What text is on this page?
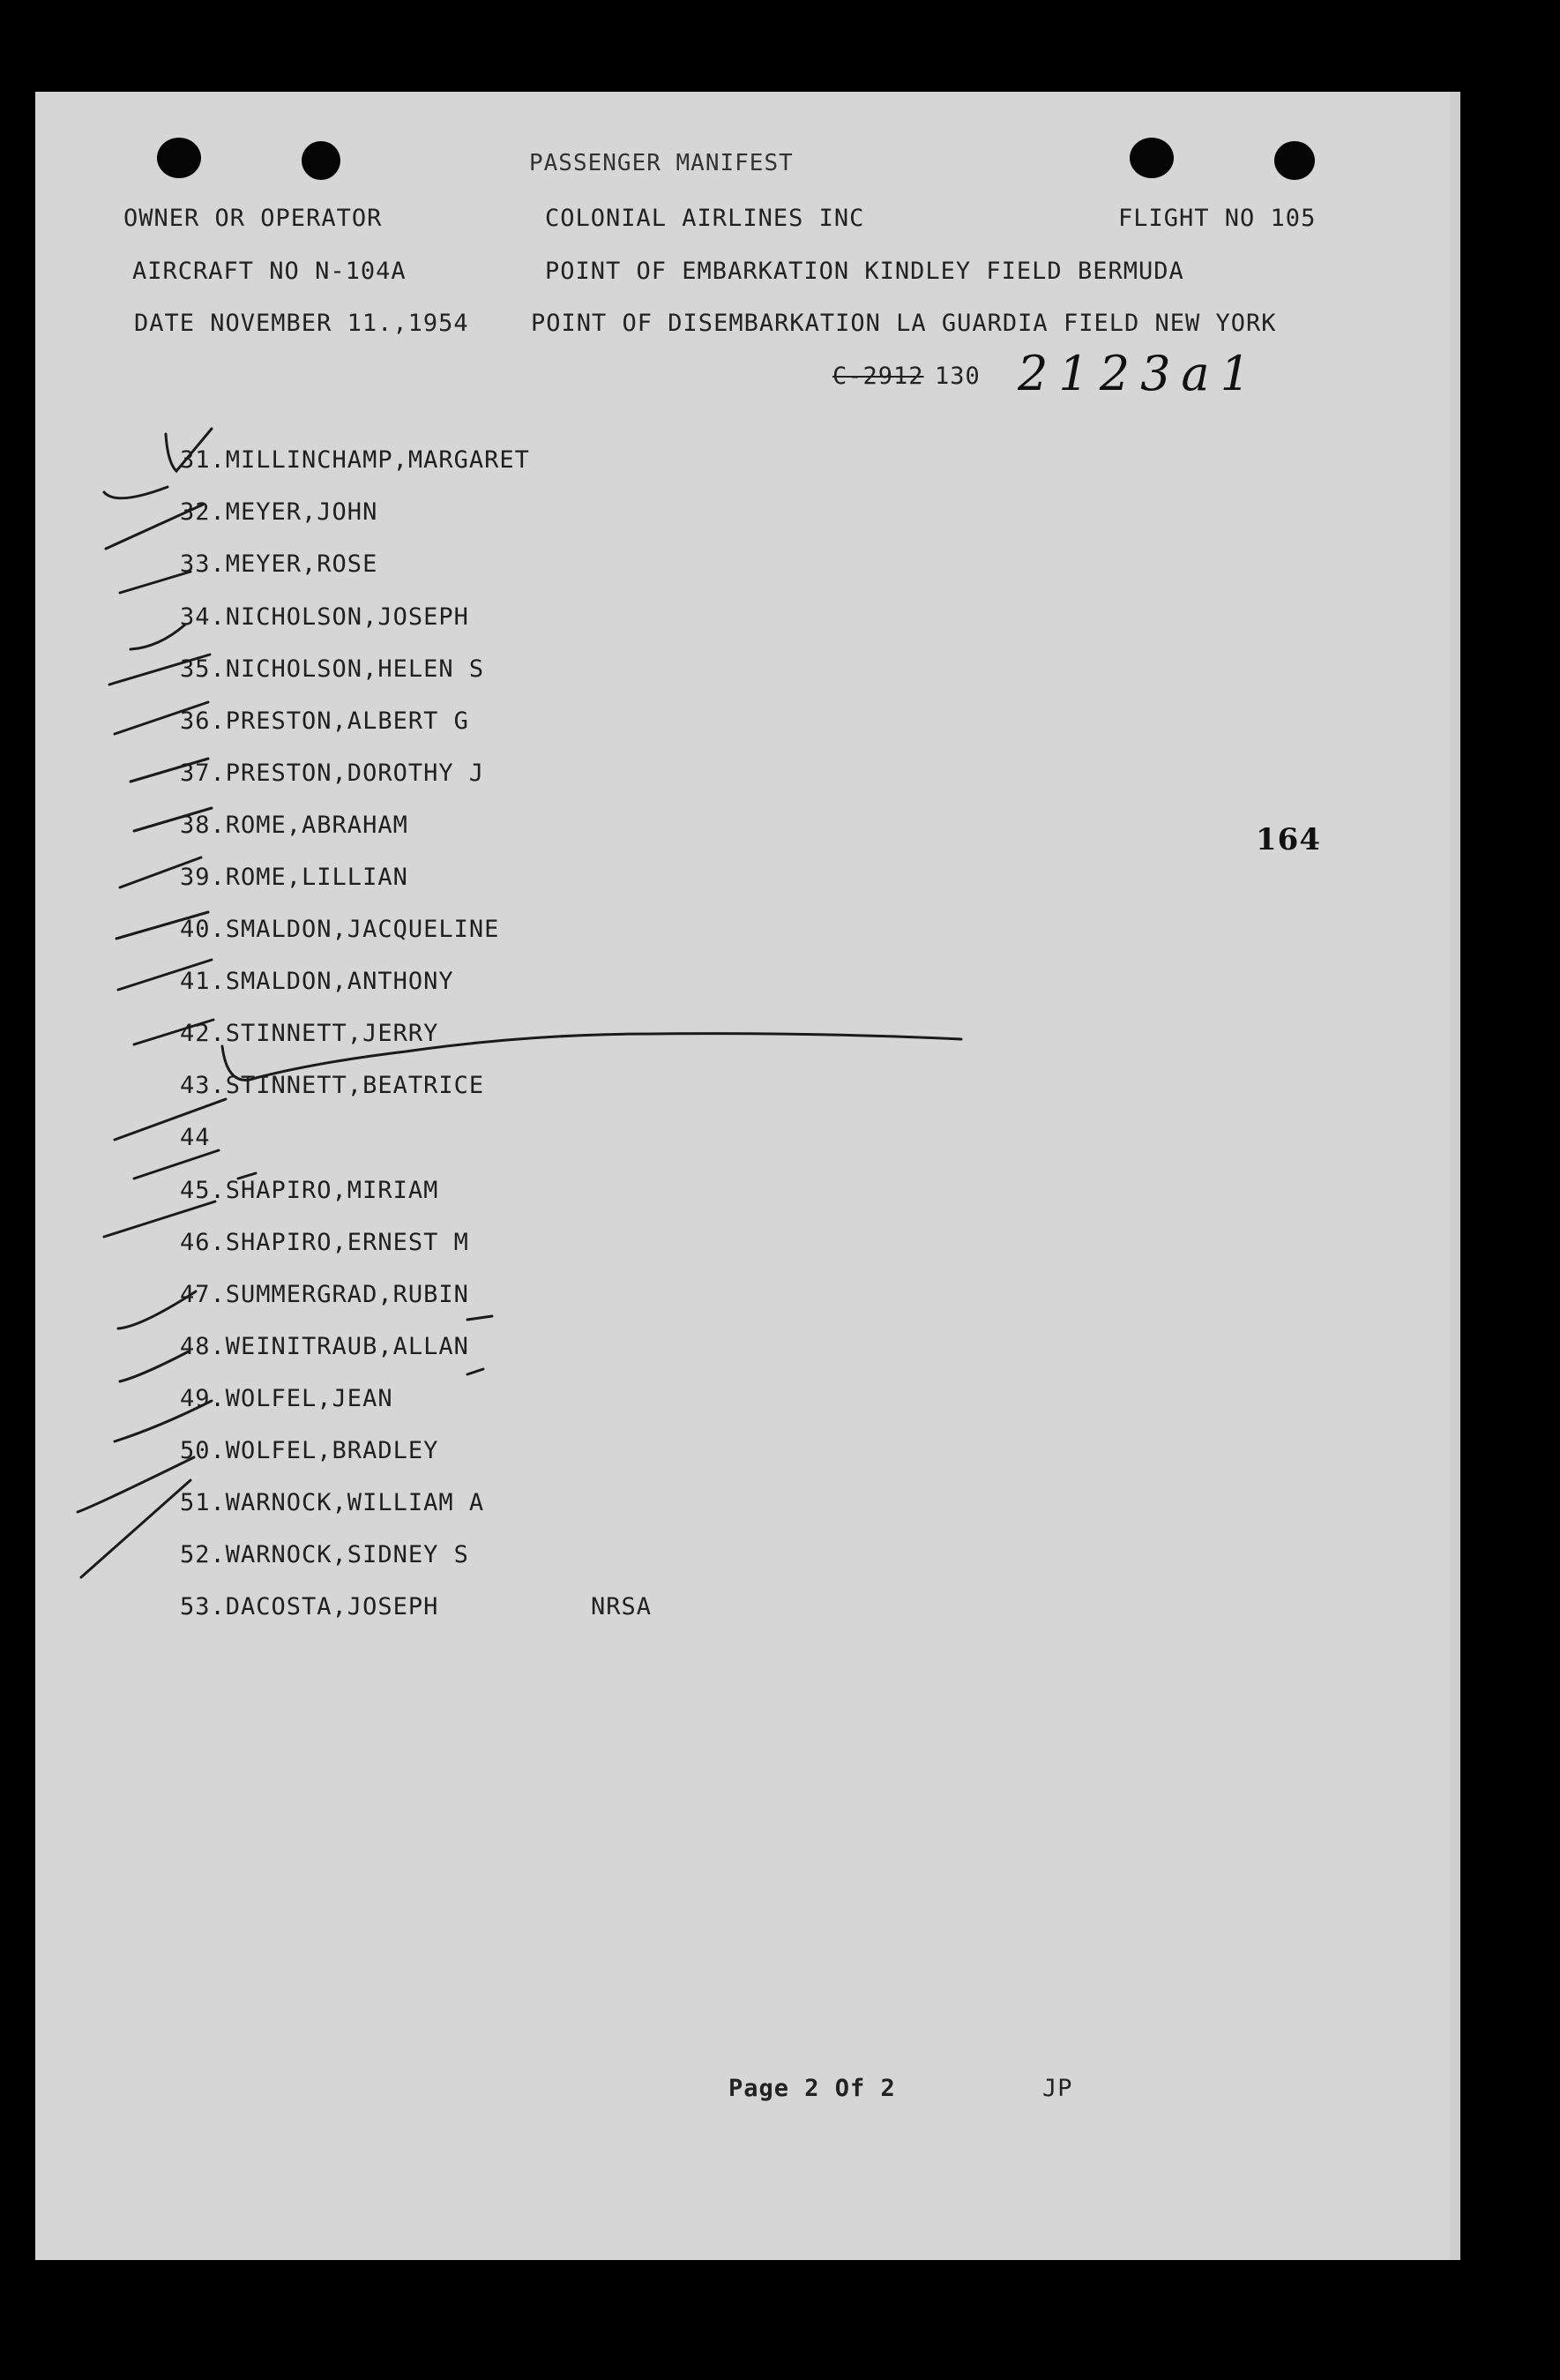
PASSENGER MANIFEST
OWNER OR OPERATOR	COLONIAL AIRLINES INC	FLIGHT NO 105
AIRCRAFT NO N-104A	POINT OF EMBARKATION KINDLEY FIELD BERMUDA
DATE NOVEMBER 11.,1954	POINT OF DISEMBARKATION LA GUARDIA FIELD NEW YORK
C-2912 130 2123a1
164
31.MILLINCHAMP,MARGARET
32.MEYER,JOHN
33.MEYER,ROSE
34.NICHOLSON,JOSEPH
35.NICHOLSON,HELEN S
36.PRESTON,ALBERT G
37.PRESTON,DOROTHY J
38.ROME,ABRAHAM
39.ROME,LILLIAN
40.SMALDON,JACQUELINE
41.SMALDON,ANTHONY
42.STINNETT,JERRY
43.STINNETT,BEATRICE
44
45.SHAPIRO,MIRIAM
46.SHAPIRO,ERNEST M
47.SUMMERGRAD,RUBIN
48.WEINITRAUB,ALLAN
49.WOLFEL,JEAN
50.WOLFEL,BRADLEY
51.WARNOCK,WILLIAM A
52.WARNOCK,SIDNEY S
53.DACOSTA,JOSEPH	NRSA
Page 2 Of 2	JP
